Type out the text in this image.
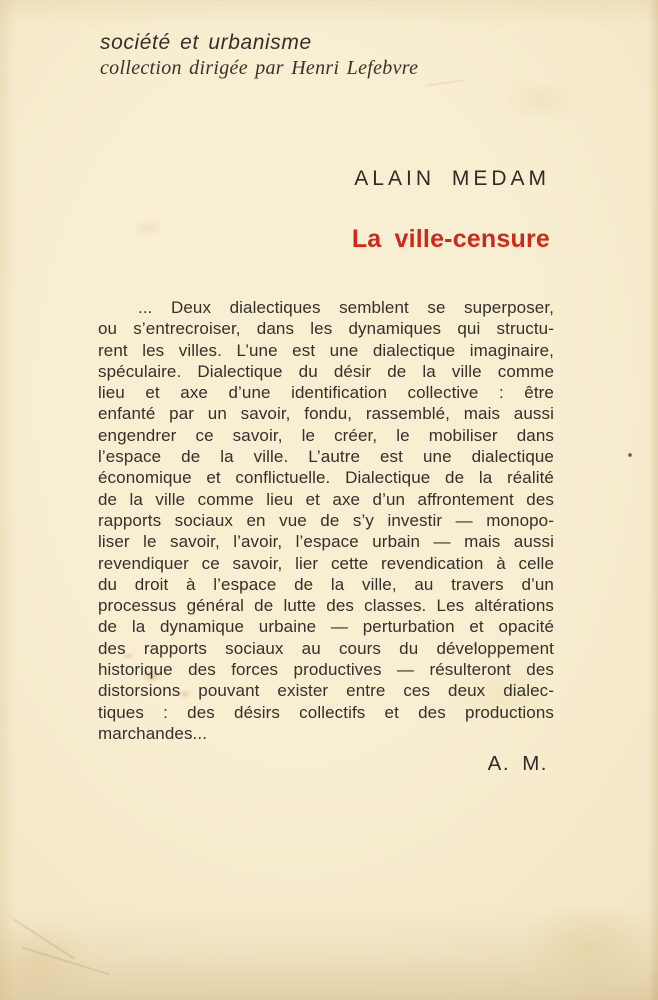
société et urbanisme
collection dirigée par Henri Lefebvre
ALAIN MEDAM
La ville-censure

... Deux dialectiques semblent se superposer,

ou s’entrecroiser, dans les dynamiques qui structu-

rent les villes. L’une est une dialectique imaginaire,

spéculaire. Dialectique du désir de la ville comme

lieu et axe d’une identification collective : être

enfanté par un savoir, fondu, rassemblé, mais aussi

engendrer ce savoir, le créer, le mobiliser dans

l’espace de la ville. L’autre est une dialectique

économique et conflictuelle. Dialectique de la réalité

de la ville comme lieu et axe d’un affrontement des

rapports sociaux en vue de s’y investir — monopo-

liser le savoir, l’avoir, l’espace urbain — mais aussi

revendiquer ce savoir, lier cette revendication à celle

du droit à l’espace de la ville, au travers d’un

processus général de lutte des classes. Les altérations

de la dynamique urbaine — perturbation et opacité

des rapports sociaux au cours du développement

historique des forces productives — résulteront des

distorsions pouvant exister entre ces deux dialec-

tiques : des désirs collectifs et des productions

marchandes...

A. M.
